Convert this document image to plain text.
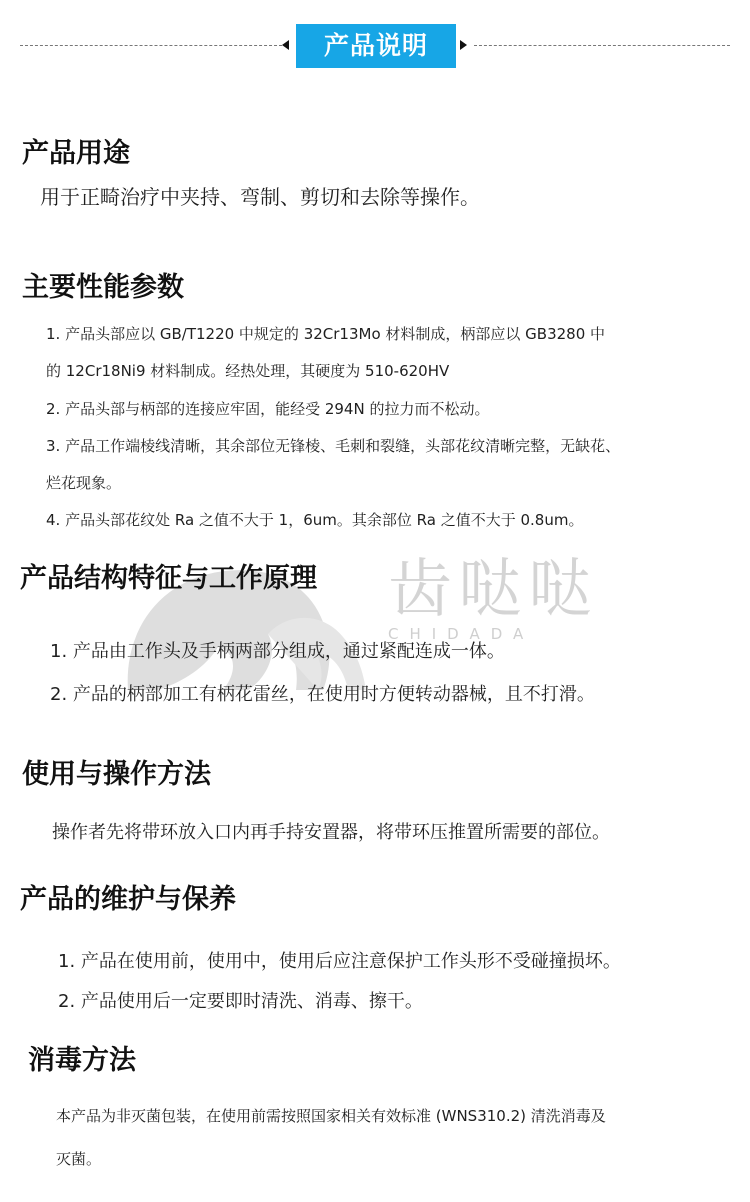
齿哒哒
CHIDADA
产品说明
产品用途
用于正畸治疗中夹持、弯制、剪切和去除等操作。
主要性能参数
1. 产品头部应以 GB/T1220 中规定的 32Cr13Mo 材料制成，柄部应以 GB3280 中
的 12Cr18Ni9 材料制成。经热处理，其硬度为 510-620HV
2. 产品头部与柄部的连接应牢固，能经受 294N 的拉力而不松动。
3. 产品工作端棱线清晰，其余部位无锋棱、毛刺和裂缝，头部花纹清晰完整，无缺花、
烂花现象。
4. 产品头部花纹处 Ra 之值不大于 1，6um。其余部位 Ra 之值不大于 0.8um。
产品结构特征与工作原理
1. 产品由工作头及手柄两部分组成，通过紧配连成一体。
2. 产品的柄部加工有柄花雷丝，在使用时方便转动器械，且不打滑。
使用与操作方法
操作者先将带环放入口内再手持安置器，将带环压推置所需要的部位。
产品的维护与保养
1. 产品在使用前，使用中，使用后应注意保护工作头形不受碰撞损坏。
2. 产品使用后一定要即时清洗、消毒、擦干。
消毒方法
本产品为非灭菌包装，在使用前需按照国家相关有效标准 (WNS310.2) 清洗消毒及
灭菌。
